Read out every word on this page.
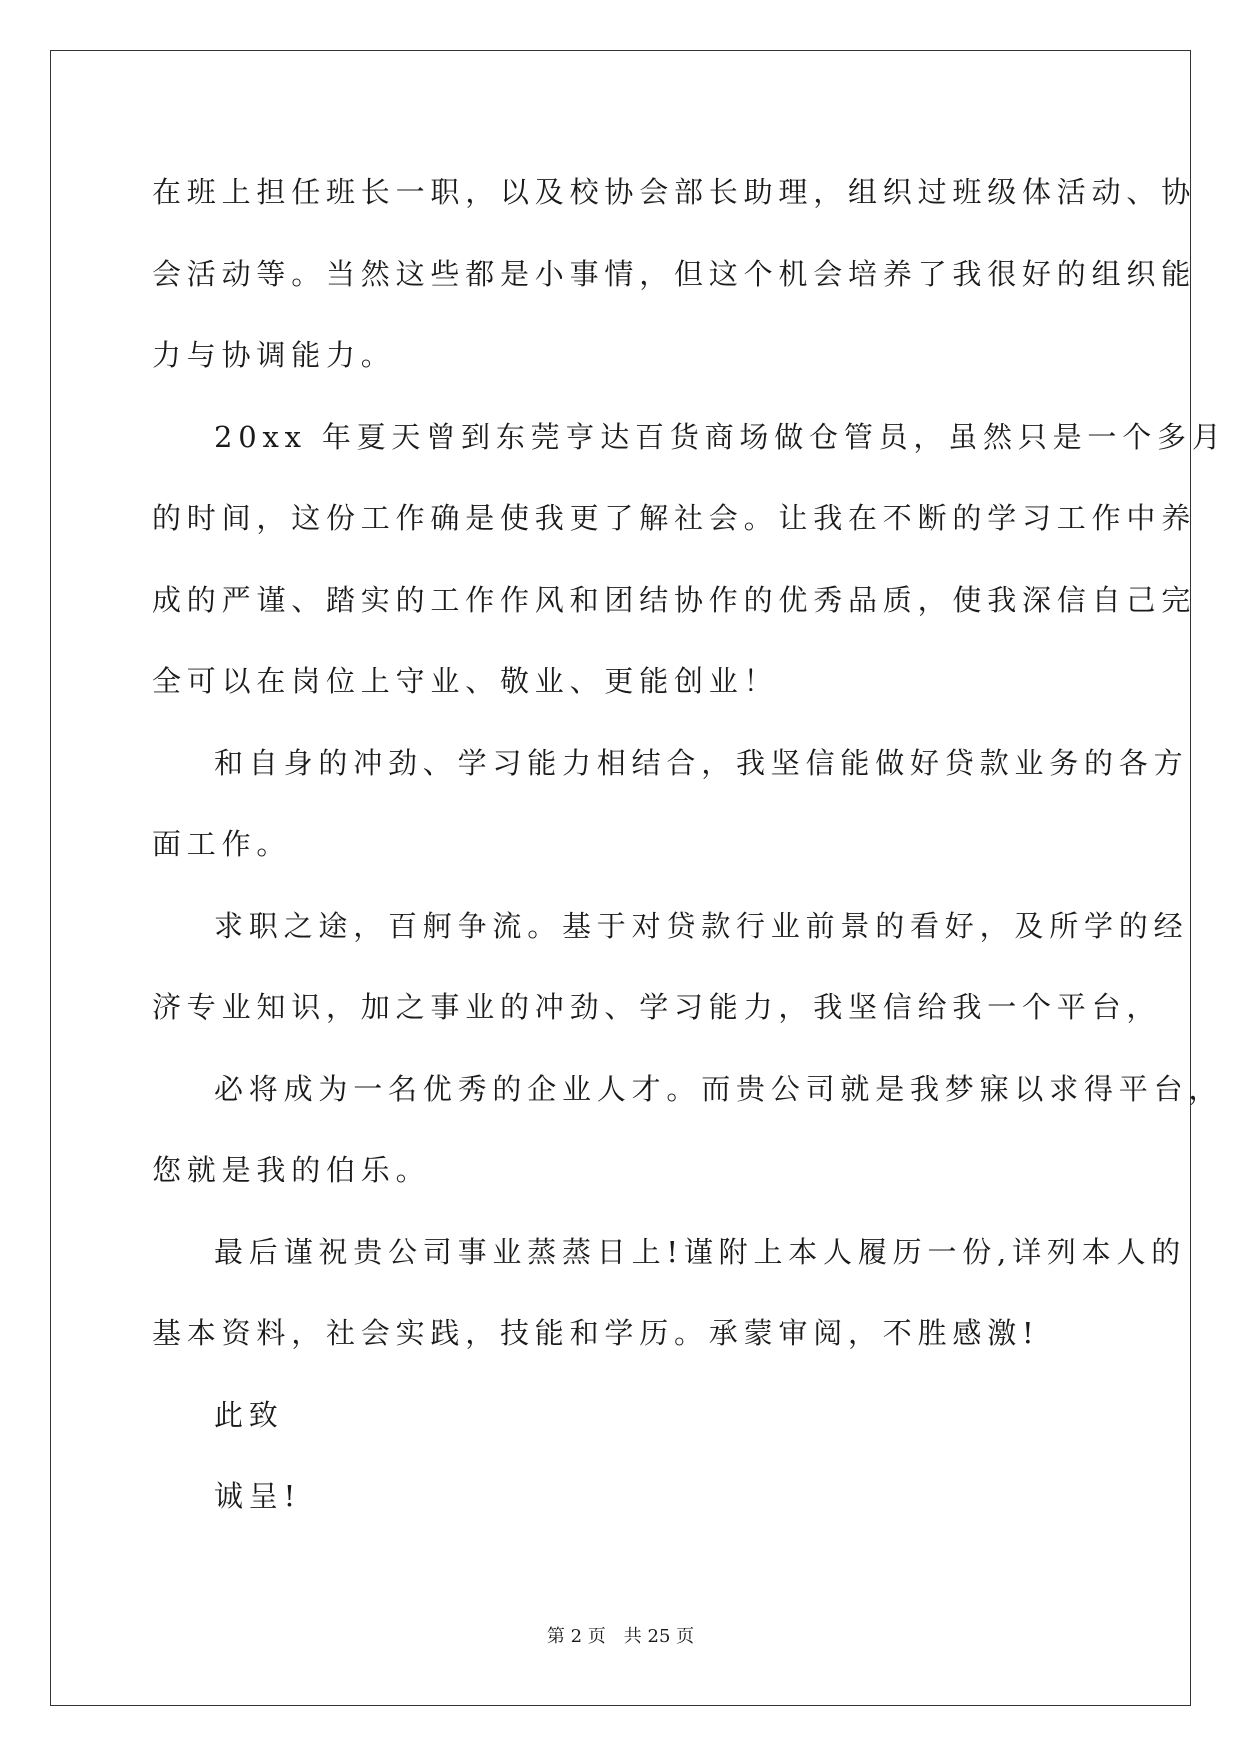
在班上担任班长一职，以及校协会部长助理，组织过班级体活动、协
会活动等。当然这些都是小事情，但这个机会培养了我很好的组织能
力与协调能力。
20xx 年夏天曾到东莞亨达百货商场做仓管员，虽然只是一个多月
的时间，这份工作确是使我更了解社会。让我在不断的学习工作中养
成的严谨、踏实的工作作风和团结协作的优秀品质，使我深信自己完
全可以在岗位上守业、敬业、更能创业！
和自身的冲劲、学习能力相结合，我坚信能做好贷款业务的各方
面工作。
求职之途，百舸争流。基于对贷款行业前景的看好，及所学的经
济专业知识，加之事业的冲劲、学习能力，我坚信给我一个平台，
必将成为一名优秀的企业人才。而贵公司就是我梦寐以求得平台，
您就是我的伯乐。
最后谨祝贵公司事业蒸蒸日上!谨附上本人履历一份,详列本人的
基本资料，社会实践，技能和学历。承蒙审阅，不胜感激!
此致
诚呈!
第 2 页 共 25 页
